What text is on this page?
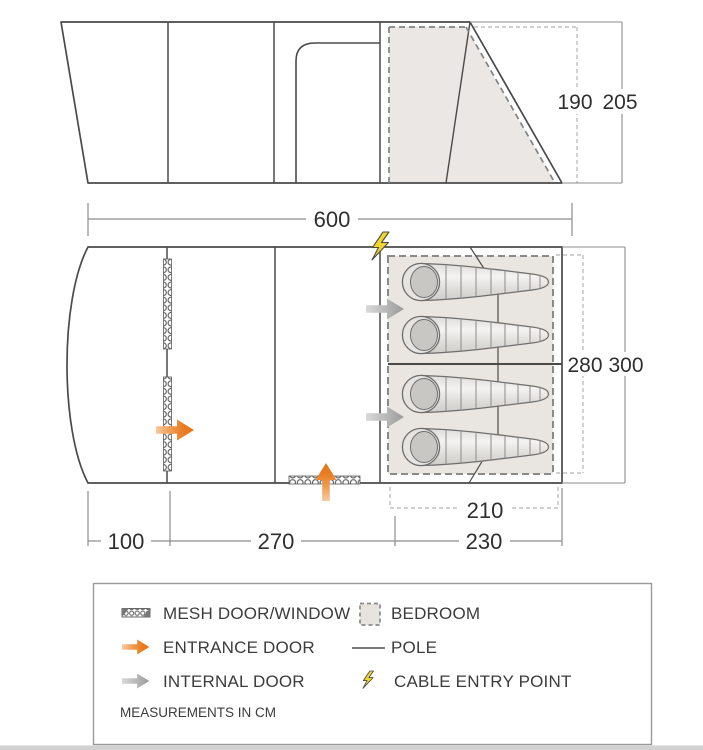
190 205
600
280 300
210
100	270	230
MESH DOOR/WINDOW
ENTRANCE DOOR
INTERNAL DOOR
BEDROOM
POLE
CABLE ENTRY POINT
MEASUREMENTS IN CM
